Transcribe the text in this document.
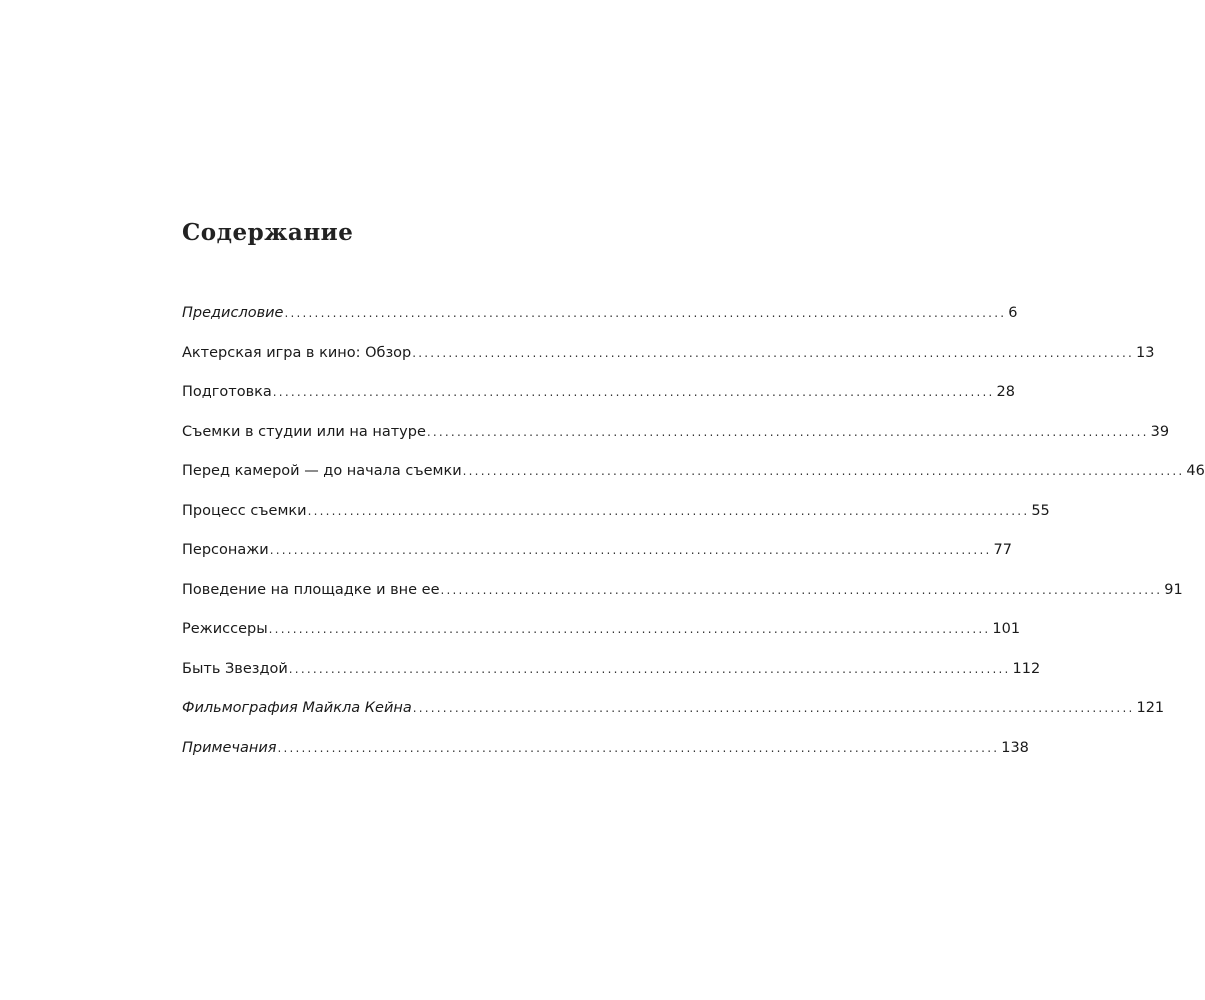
Содержание
Предисловие ........................................................................................................................ 6
Актерская игра в кино: Обзор ........................................................................................................................ 13
Подготовка ........................................................................................................................ 28
Съемки в студии или на натуре ........................................................................................................................ 39
Перед камерой — до начала съемки ........................................................................................................................ 46
Процесс съемки ........................................................................................................................ 55
Персонажи ........................................................................................................................ 77
Поведение на площадке и вне ее ........................................................................................................................ 91
Режиссеры ........................................................................................................................ 101
Быть Звездой ........................................................................................................................ 112
Фильмография Майкла Кейна ........................................................................................................................ 121
Примечания ........................................................................................................................ 138
